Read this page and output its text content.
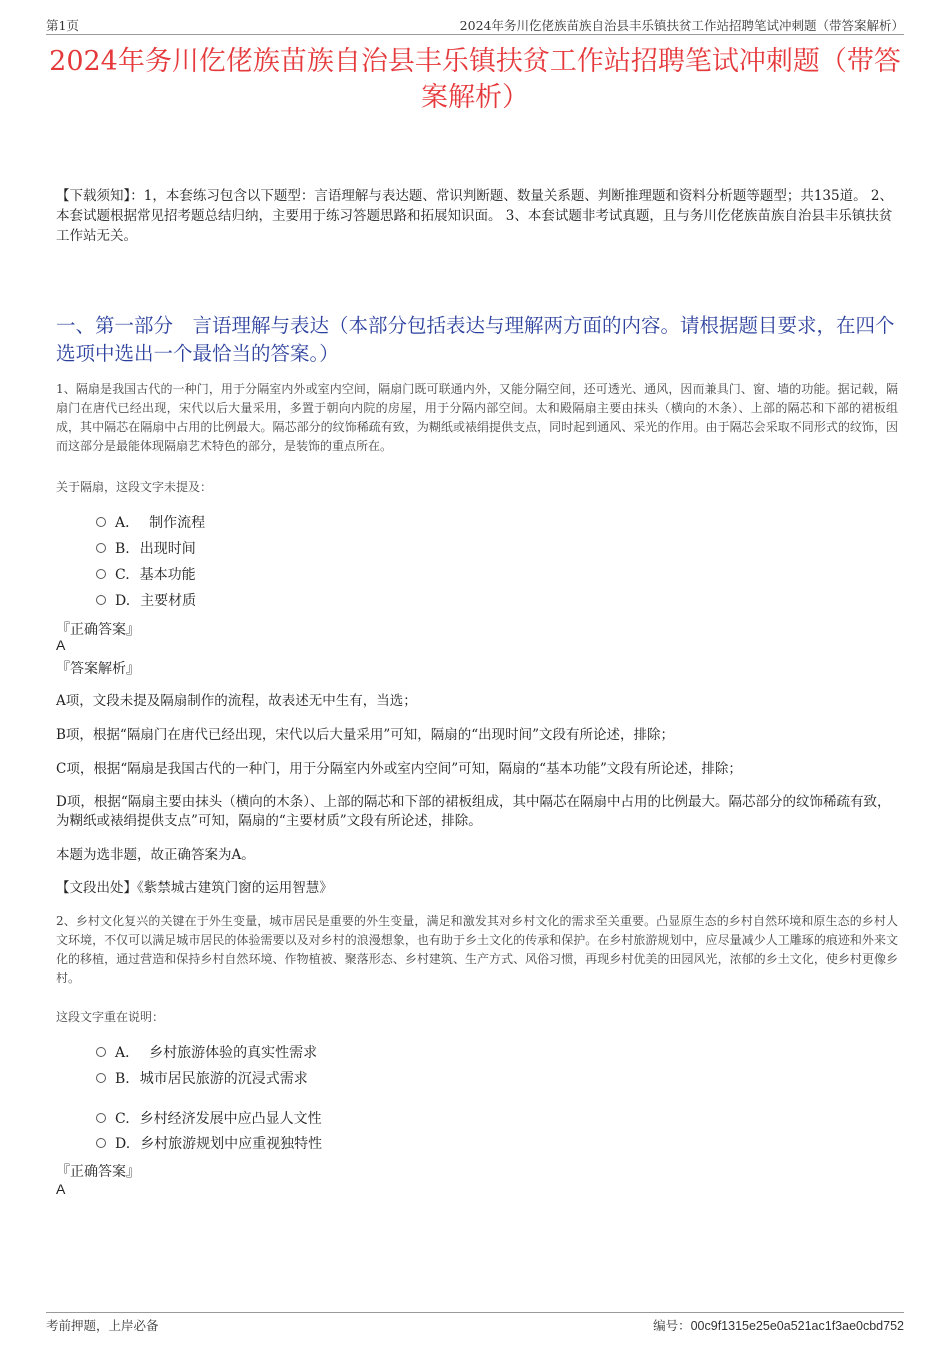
第1页	2024年务川仡佬族苗族自治县丰乐镇扶贫工作站招聘笔试冲刺题（带答案解析）
2024年务川仡佬族苗族自治县丰乐镇扶贫工作站招聘笔试冲刺题（带答案解析）
【下载须知】：1，本套练习包含以下题型：言语理解与表达题、常识判断题、数量关系题、判断推理题和资料分析题等题型；共135道。 2、本套试题根据常见招考题总结归纳，主要用于练习答题思路和拓展知识面。 3、本套试题非考试真题，且与务川仡佬族苗族自治县丰乐镇扶贫工作站无关。
一、第一部分　言语理解与表达（本部分包括表达与理解两方面的内容。请根据题目要求，在四个选项中选出一个最恰当的答案。）
1、隔扇是我国古代的一种门，用于分隔室内外或室内空间，隔扇门既可联通内外，又能分隔空间，还可透光、通风，因而兼具门、窗、墙的功能。据记载，隔扇门在唐代已经出现，宋代以后大量采用，多置于朝向内院的房屋，用于分隔内部空间。太和殿隔扇主要由抹头（横向的木条）、上部的隔芯和下部的裙板组成，其中隔芯在隔扇中占用的比例最大。隔芯部分的纹饰稀疏有致，为糊纸或裱绢提供支点，同时起到通风、采光的作用。由于隔芯会采取不同形式的纹饰，因而这部分是最能体现隔扇艺术特色的部分，是装饰的重点所在。
关于隔扇，这段文字未提及：
A． 制作流程
B. 出现时间
C. 基本功能
D. 主要材质
『正确答案』
A
『答案解析』
A项，文段未提及隔扇制作的流程，故表述无中生有，当选；
B项，根据“隔扇门在唐代已经出现，宋代以后大量采用”可知，隔扇的“出现时间”文段有所论述，排除；
C项，根据“隔扇是我国古代的一种门，用于分隔室内外或室内空间”可知，隔扇的“基本功能”文段有所论述，排除；
D项，根据“隔扇主要由抹头（横向的木条）、上部的隔芯和下部的裙板组成，其中隔芯在隔扇中占用的比例最大。隔芯部分的纹饰稀疏有致，为糊纸或裱绢提供支点”可知，隔扇的“主要材质”文段有所论述，排除。
本题为选非题，故正确答案为A。
【文段出处】《紫禁城古建筑门窗的运用智慧》
2、乡村文化复兴的关键在于外生变量，城市居民是重要的外生变量，满足和激发其对乡村文化的需求至关重要。凸显原生态的乡村自然环境和原生态的乡村人文环境，不仅可以满足城市居民的体验需要以及对乡村的浪漫想象，也有助于乡土文化的传承和保护。在乡村旅游规划中，应尽量减少人工雕琢的痕迹和外来文化的移植，通过营造和保持乡村自然环境、作物植被、聚落形态、乡村建筑、生产方式、风俗习惯，再现乡村优美的田园风光，浓郁的乡土文化，使乡村更像乡村。
这段文字重在说明：
A． 乡村旅游体验的真实性需求
B. 城市居民旅游的沉浸式需求
C. 乡村经济发展中应凸显人文性
D. 乡村旅游规划中应重视独特性
『正确答案』
A
考前押题，上岸必备	编号：00c9f1315e25e0a521ac1f3ae0cbd752
